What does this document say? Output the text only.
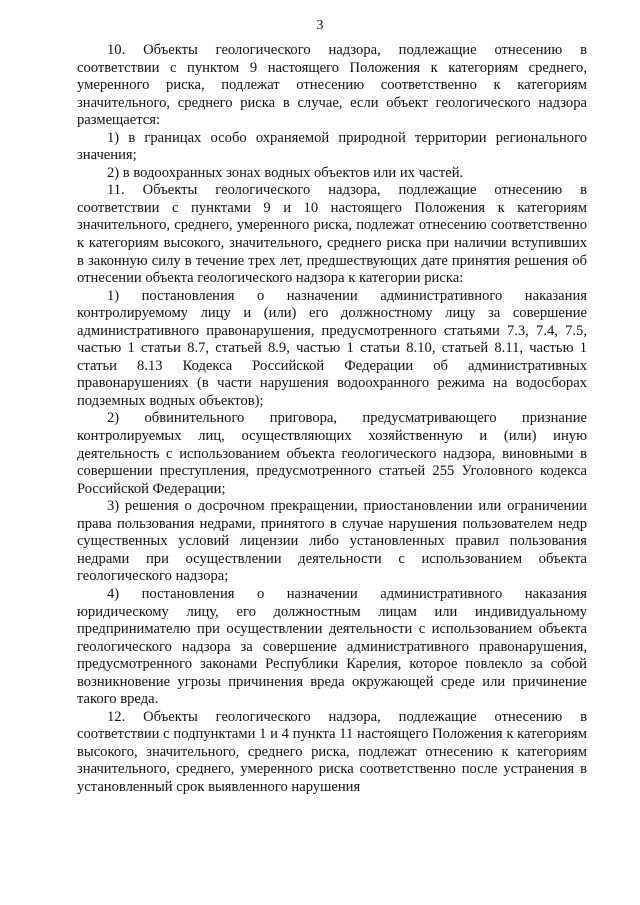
3

10. Объекты геологического надзора, подлежащие отнесению в соответствии с пунктом 9 настоящего Положения к категориям среднего, умеренного риска, подлежат отнесению соответственно к категориям значительного, среднего риска в случае, если объект геологического надзора размещается:

1) в границах особо охраняемой природной территории регионального значения;

2) в водоохранных зонах водных объектов или их частей.

11. Объекты геологического надзора, подлежащие отнесению в соответствии с пунктами 9 и 10 настоящего Положения к категориям значительного, среднего, умеренного риска, подлежат отнесению соответственно к категориям высокого, значительного, среднего риска при наличии вступивших в законную силу в течение трех лет, предшествующих дате принятия решения об отнесении объекта геологического надзора к категории риска:

1) постановления о назначении административного наказания контролируемому лицу и (или) его должностному лицу за совершение административного правонарушения, предусмотренного статьями 7.3, 7.4, 7.5, частью 1 статьи 8.7, статьей 8.9, частью 1 статьи 8.10, статьей 8.11, частью 1 статьи 8.13 Кодекса Российской Федерации об административных правонарушениях (в части нарушения водоохранного режима на водосборах подземных водных объектов);

2) обвинительного приговора, предусматривающего признание контролируемых лиц, осуществляющих хозяйственную и (или) иную деятельность с использованием объекта геологического надзора, виновными в совершении преступления, предусмотренного статьей 255 Уголовного кодекса Российской Федерации;

3) решения о досрочном прекращении, приостановлении или ограничении права пользования недрами, принятого в случае нарушения пользователем недр существенных условий лицензии либо установленных правил пользования недрами при осуществлении деятельности с использованием объекта геологического надзора;

4) постановления о назначении административного наказания юридическому лицу, его должностным лицам или индивидуальному предпринимателю при осуществлении деятельности с использованием объекта геологического надзора за совершение административного правонарушения, предусмотренного законами Республики Карелия, которое повлекло за собой возникновение угрозы причинения вреда окружающей среде или причинение такого вреда.

12. Объекты геологического надзора, подлежащие отнесению в соответствии с подпунктами 1 и 4 пункта 11 настоящего Положения к категориям высокого, значительного, среднего риска, подлежат отнесению к категориям значительного, среднего, умеренного риска соответственно после устранения в установленный срок выявленного нарушения
